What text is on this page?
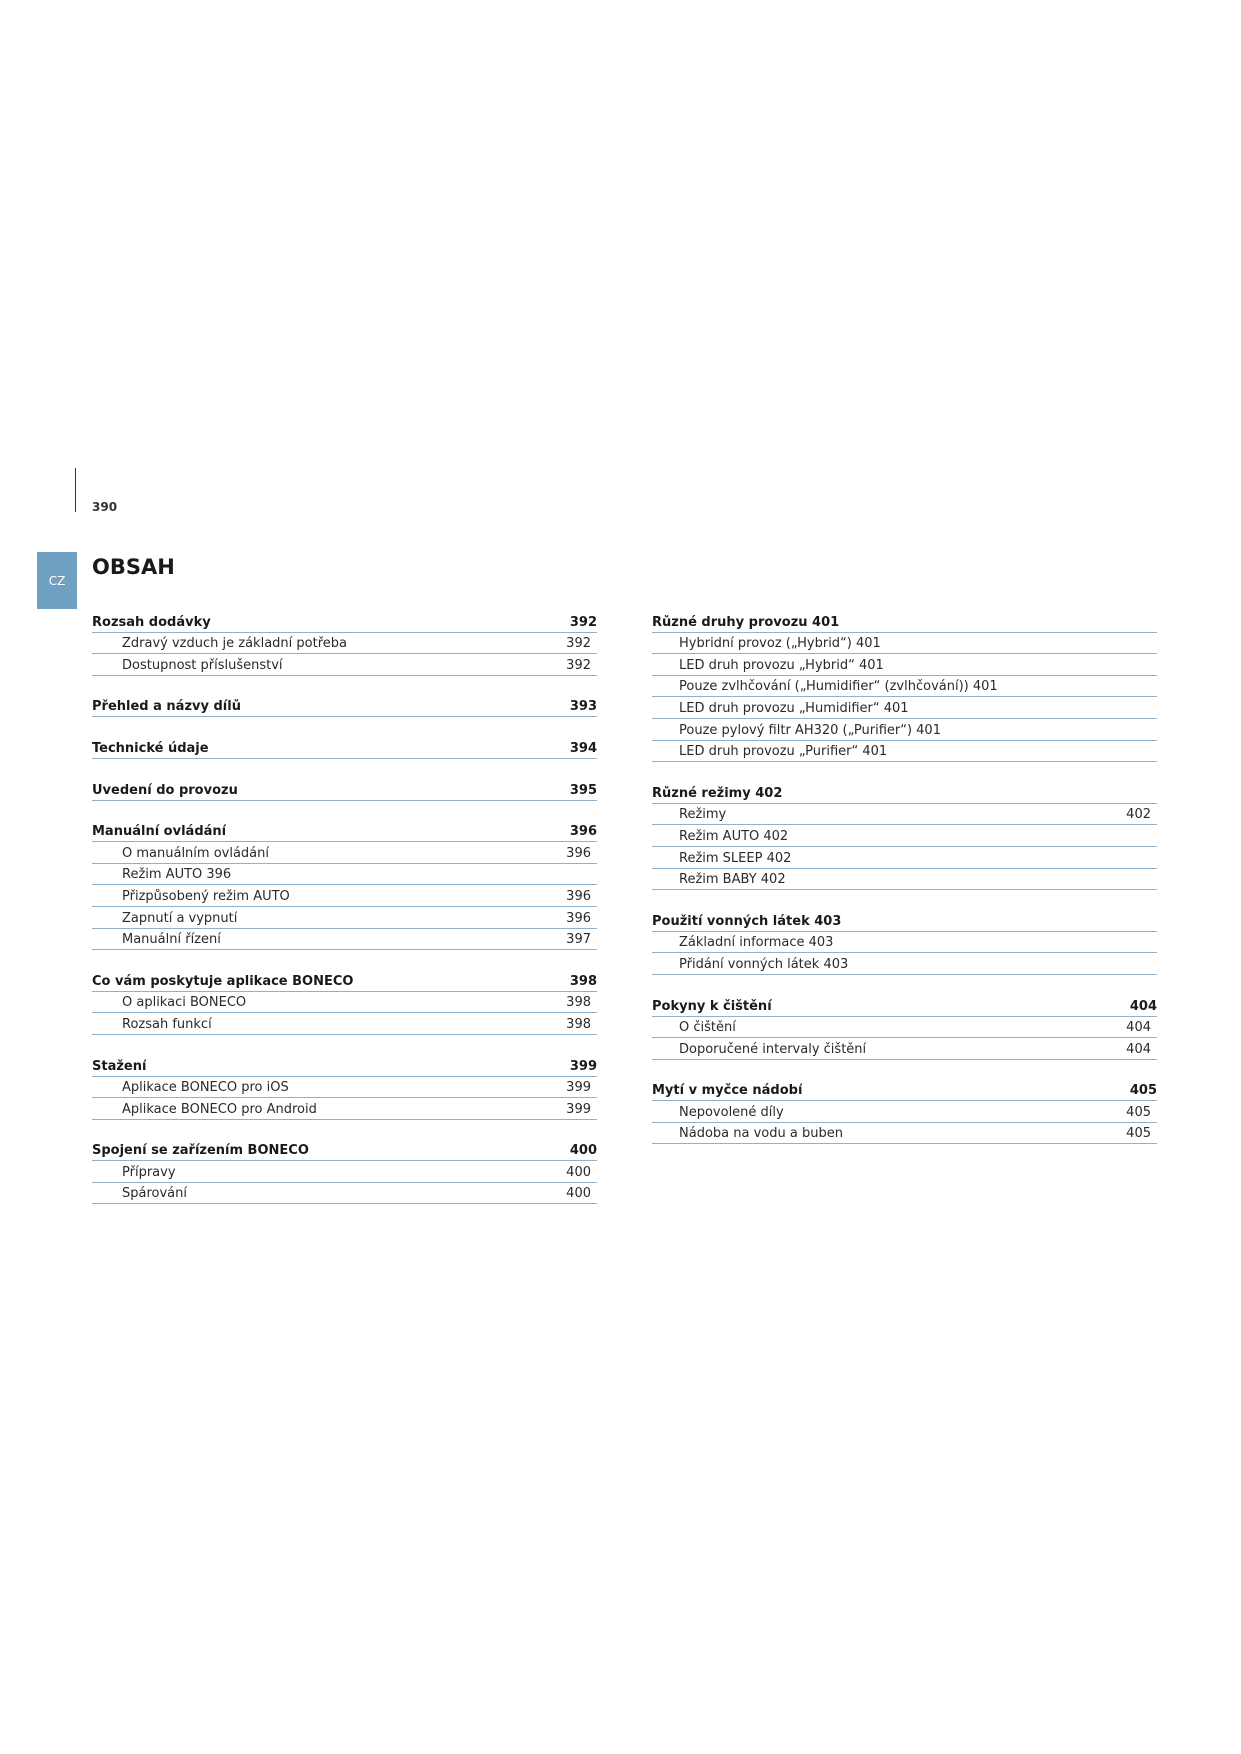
390
CZ
OBSAH
Rozsah dodávky	392
Zdravý vzduch je základní potřeba	392
Dostupnost příslušenství	392
Přehled a názvy dílů	393
Technické údaje	394
Uvedení do provozu	395
Manuální ovládání	396
O manuálním ovládání	396
Režim AUTO 396
Přizpůsobený režim AUTO	396
Zapnutí a vypnutí	396
Manuální řízení	397
Co vám poskytuje aplikace BONECO	398
O aplikaci BONECO	398
Rozsah funkcí	398
Stažení	399
Aplikace BONECO pro iOS	399
Aplikace BONECO pro Android	399
Spojení se zařízením BONECO	400
Přípravy	400
Spárování	400
Různé druhy provozu 401
Hybridní provoz („Hybrid“) 401
LED druh provozu „Hybrid“ 401
Pouze zvlhčování („Humidifier“ (zvlhčování)) 401
LED druh provozu „Humidifier“ 401
Pouze pylový filtr AH320 („Purifier“) 401
LED druh provozu „Purifier“ 401
Různé režimy 402
Režimy	402
Režim AUTO 402
Režim SLEEP 402
Režim BABY 402
Použití vonných látek 403
Základní informace 403
Přidání vonných látek 403
Pokyny k čištění	404
O čištění	404
Doporučené intervaly čištění	404
Mytí v myčce nádobí	405
Nepovolené díly	405
Nádoba na vodu a buben	405
